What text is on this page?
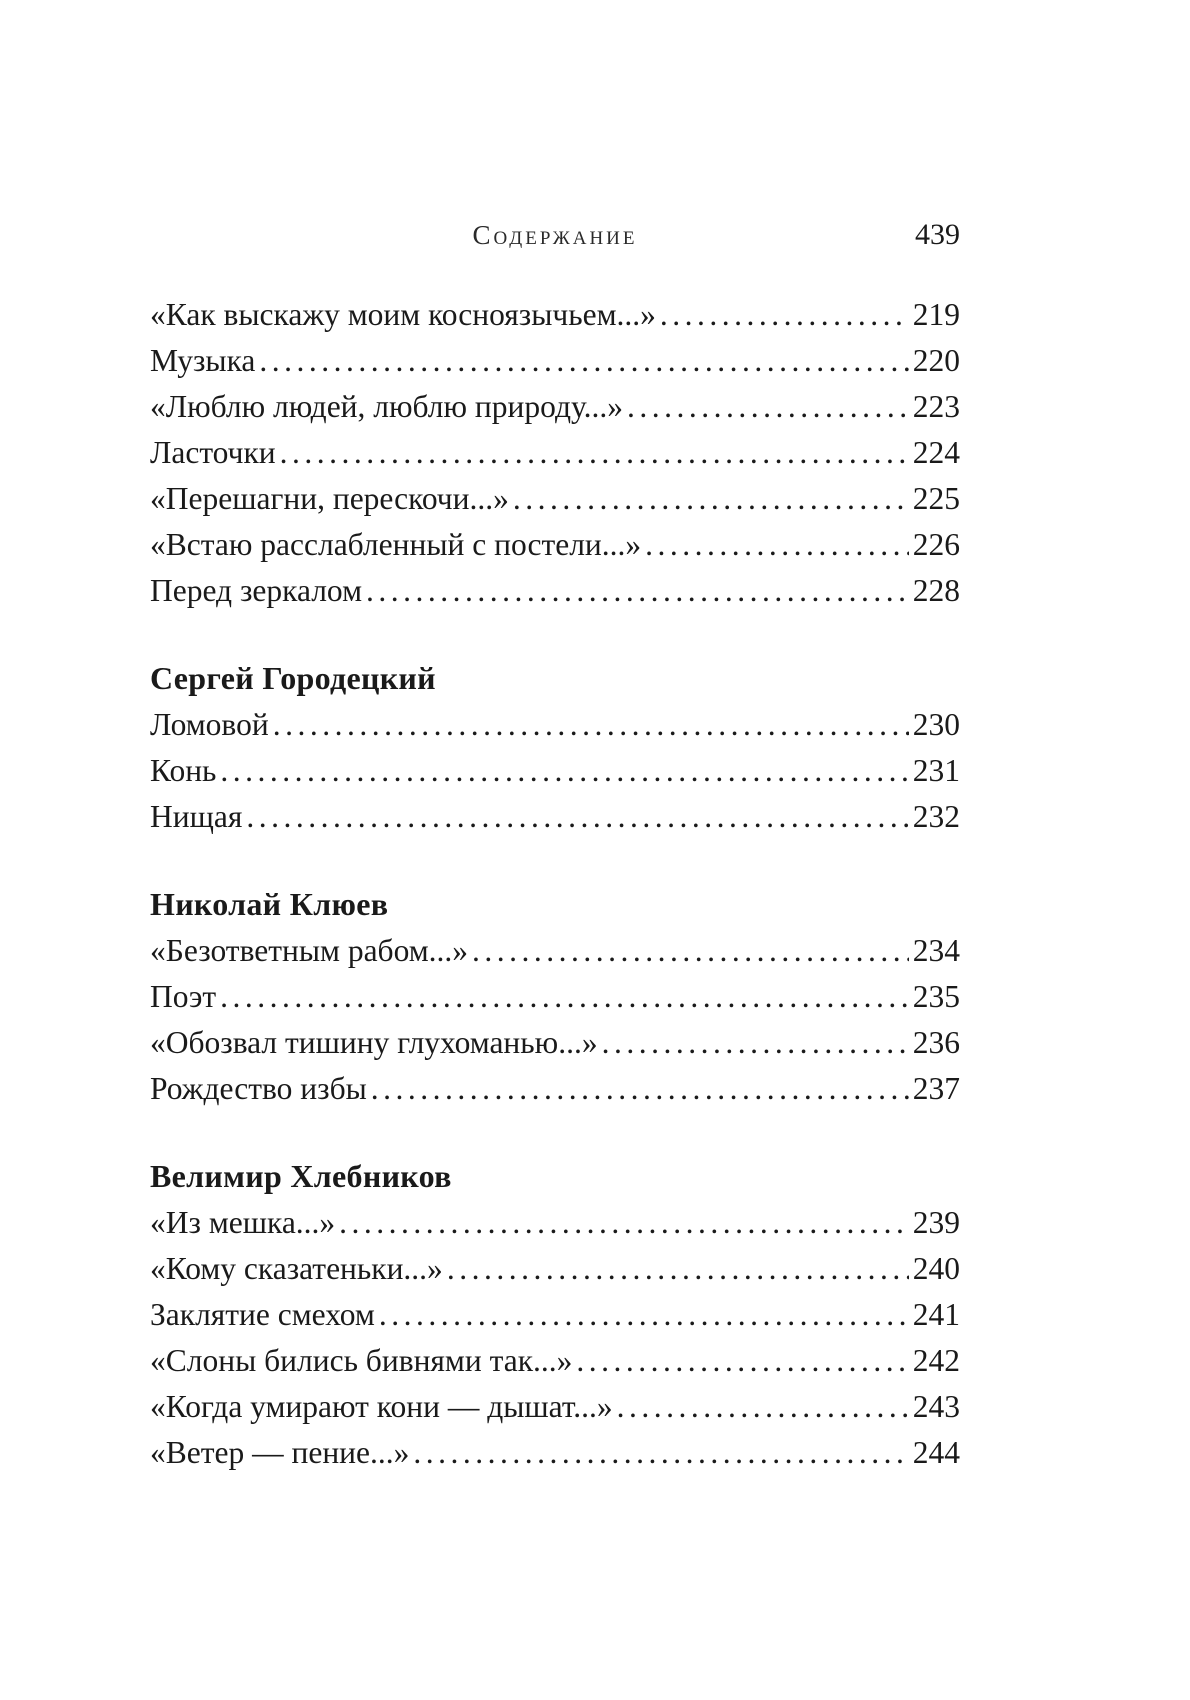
Содержание	439
«Как выскажу моим косноязычьем...» .....	219
Музыка .....	220
«Люблю людей, люблю природу...» .....	223
Ласточки .....	224
«Перешагни, перескочи...» .....	225
«Встаю расслабленный с постели...» .....	226
Перед зеркалом .....	228
Сергей Городецкий
Ломовой .....	230
Конь .....	231
Нищая .....	232
Николай Клюев
«Безответным рабом...» .....	234
Поэт .....	235
«Обозвал тишину глухоманью...» .....	236
Рождество избы .....	237
Велимир Хлебников
«Из мешка...» .....	239
«Кому сказатеньки...» .....	240
Заклятие смехом .....	241
«Слоны бились бивнями так...» .....	242
«Когда умирают кони — дышат...» .....	243
«Ветер — пение...» .....	244
